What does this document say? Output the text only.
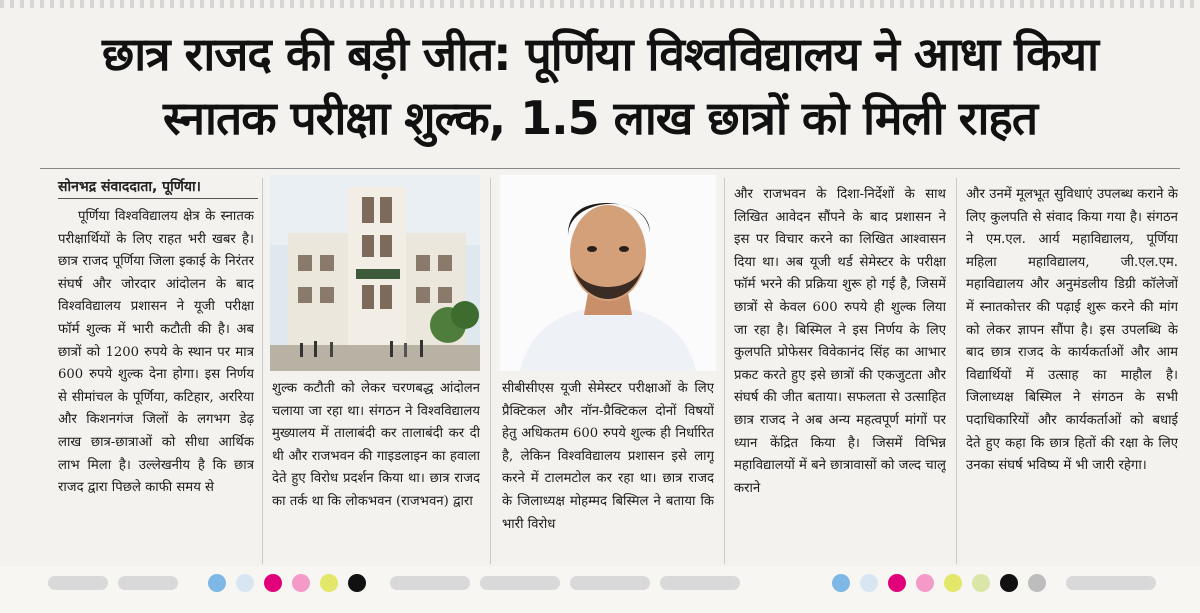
छात्र राजद की बड़ी जीत: पूर्णिया विश्वविद्यालय ने आधा किया
स्नातक परीक्षा शुल्क, 1.5 लाख छात्रों को मिली राहत
सोनभद्र संवाददाता, पूर्णिया।

पूर्णिया विश्वविद्यालय क्षेत्र के स्नातक परीक्षार्थियों के लिए राहत भरी खबर है। छात्र राजद पूर्णिया जिला इकाई के निरंतर संघर्ष और जोरदार आंदोलन के बाद विश्वविद्यालय प्रशासन ने यूजी परीक्षा फॉर्म शुल्क में भारी कटौती की है। अब छात्रों को 1200 रुपये के स्थान पर मात्र 600 रुपये शुल्क देना होगा। इस निर्णय से सीमांचल के पूर्णिया, कटिहार, अररिया और किशनगंज जिलों के लगभग डेढ़ लाख छात्र-छात्राओं को सीधा आर्थिक लाभ मिला है। उल्लेखनीय है कि छात्र राजद द्वारा पिछले काफी समय से

शुल्क कटौती को लेकर चरणबद्ध आंदोलन चलाया जा रहा था। संगठन ने विश्वविद्यालय मुख्यालय में तालाबंदी कर तालाबंदी कर दी थी और राजभवन की गाइडलाइन का हवाला देते हुए विरोध प्रदर्शन किया था। छात्र राजद का तर्क था कि लोकभवन (राजभवन) द्वारा

सीबीसीएस यूजी सेमेस्टर परीक्षाओं के लिए प्रैक्टिकल और नॉन-प्रैक्टिकल दोनों विषयों हेतु अधिकतम 600 रुपये शुल्क ही निर्धारित है, लेकिन विश्वविद्यालय प्रशासन इसे लागू करने में टालमटोल कर रहा था। छात्र राजद के जिलाध्यक्ष मोहम्मद बिस्मिल ने बताया कि भारी विरोध

और राजभवन के दिशा-निर्देशों के साथ लिखित आवेदन सौंपने के बाद प्रशासन ने इस पर विचार करने का लिखित आश्वासन दिया था। अब यूजी थर्ड सेमेस्टर के परीक्षा फॉर्म भरने की प्रक्रिया शुरू हो गई है, जिसमें छात्रों से केवल 600 रुपये ही शुल्क लिया जा रहा है। बिस्मिल ने इस निर्णय के लिए कुलपति प्रोफेसर विवेकानंद सिंह का आभार प्रकट करते हुए इसे छात्रों की एकजुटता और संघर्ष की जीत बताया। सफलता से उत्साहित छात्र राजद ने अब अन्य महत्वपूर्ण मांगों पर ध्यान केंद्रित किया है। जिसमें विभिन्न महाविद्यालयों में बने छात्रावासों को जल्द चालू कराने

और उनमें मूलभूत सुविधाएं उपलब्ध कराने के लिए कुलपति से संवाद किया गया है। संगठन ने एम.एल. आर्य महाविद्यालय, पूर्णिया महिला महाविद्यालय, जी.एल.एम. महाविद्यालय और अनुमंडलीय डिग्री कॉलेजों में स्नातकोत्तर की पढ़ाई शुरू करने की मांग को लेकर ज्ञापन सौंपा है। इस उपलब्धि के बाद छात्र राजद के कार्यकर्ताओं और आम विद्यार्थियों में उत्साह का माहौल है। जिलाध्यक्ष बिस्मिल ने संगठन के सभी पदाधिकारियों और कार्यकर्ताओं को बधाई देते हुए कहा कि छात्र हितों की रक्षा के लिए उनका संघर्ष भविष्य में भी जारी रहेगा।
